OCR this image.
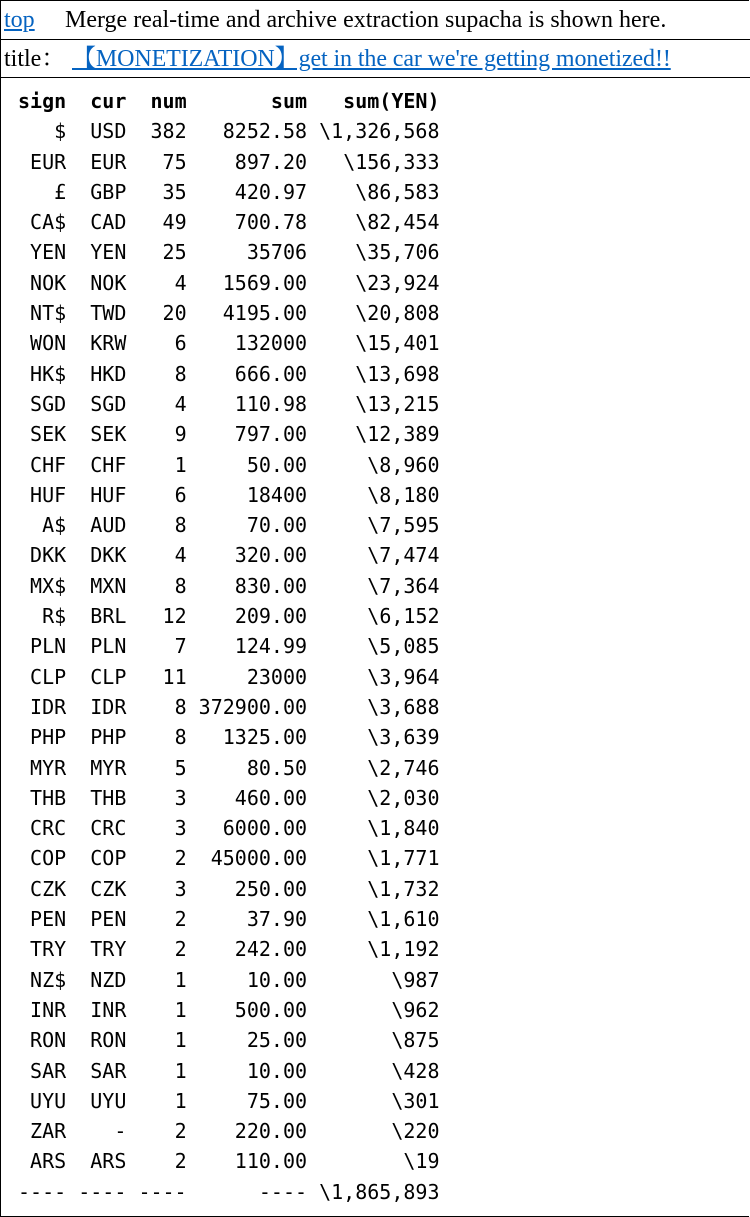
top Merge real-time and archive extraction supacha is shown here.
title： 【MONETIZATION】get in the car we're getting monetized!!
sign cur num	sum sum(YEN)
$ USD 382 8252.58 \1,326,568
EUR EUR 75 897.20 \156,333
£ GBP 35 420.97 \86,583
CA$ CAD 49 700.78 \82,454
YEN YEN 25	35706 \35,706
NOK NOK 4 1569.00 \23,924
NT$ TWD 20 4195.00 \20,808
WON KRW 6 132000 \15,401
HK$ HKD 8 666.00 \13,698
SGD SGD 4 110.98 \13,215
SEK SEK 9 797.00 \12,389
CHF CHF 1	50.00	\8,960
HUF HUF 6	18400	\8,180
A$ AUD 8	70.00	\7,595
DKK DKK 4 320.00	\7,474
MX$ MXN 8 830.00	\7,364
R$ BRL 12 209.00	\6,152
PLN PLN 7 124.99	\5,085
CLP CLP 11	23000	\3,964
IDR IDR 8 372900.00	\3,688
PHP PHP 8 1325.00	\3,639
MYR MYR 5	80.50	\2,746
THB THB 3 460.00	\2,030
CRC CRC 3 6000.00	\1,840
COP COP 2 45000.00	\1,771
CZK CZK 3 250.00	\1,732
PEN PEN 2	37.90	\1,610
TRY TRY 2 242.00	\1,192
NZ$ NZD 1	10.00	\987
INR INR 1 500.00	\962
RON RON 1	25.00	\875
SAR SAR 1	10.00	\428
UYU UYU 1	75.00	\301
ZAR - 2 220.00	\220
ARS ARS 2 110.00	\19
---- ---- ----	---- \1,865,893
